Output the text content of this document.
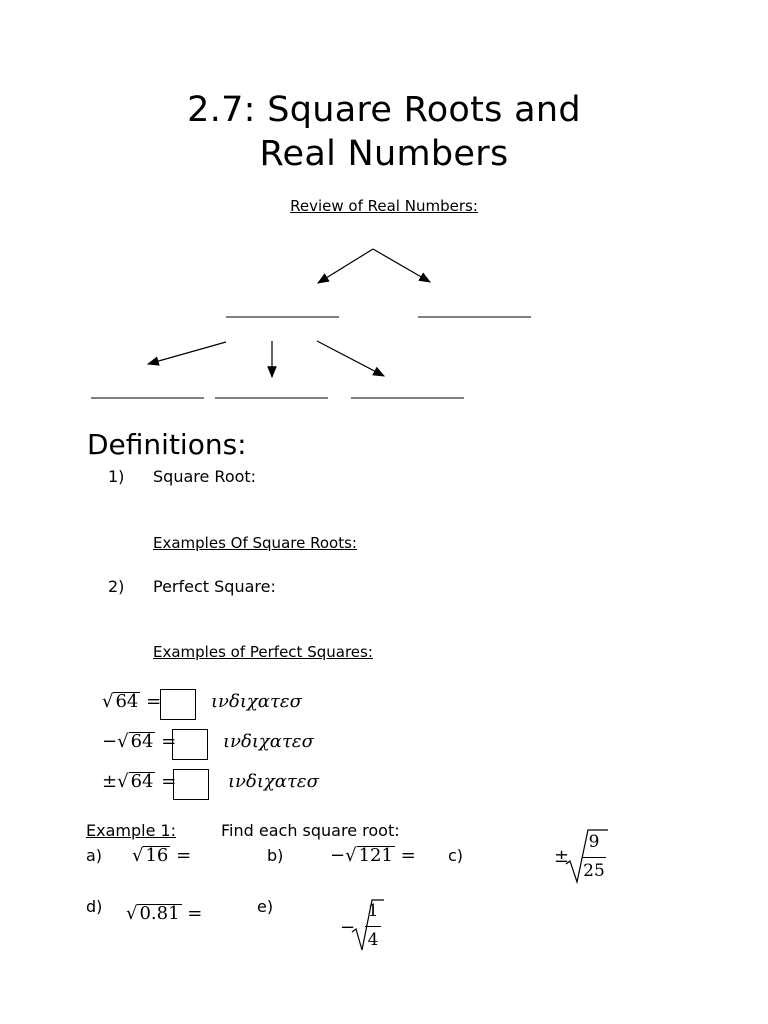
2.7: Square Roots and
Real Numbers
Review of Real Numbers:
Definitions:
1) Square Root:
Examples Of Square Roots:
2) Perfect Square:
Examples of Perfect Squares:
√ 64 =	ινδιχατεσ
−√ 64 =	ινδιχατεσ
±√ 64 =	ινδιχατεσ
Example 1:	Find each square root:
a) √ 16 =	b)	−√ 121 = c)	±
9
25
d) √ 0.81 =	e)
−
1
4
